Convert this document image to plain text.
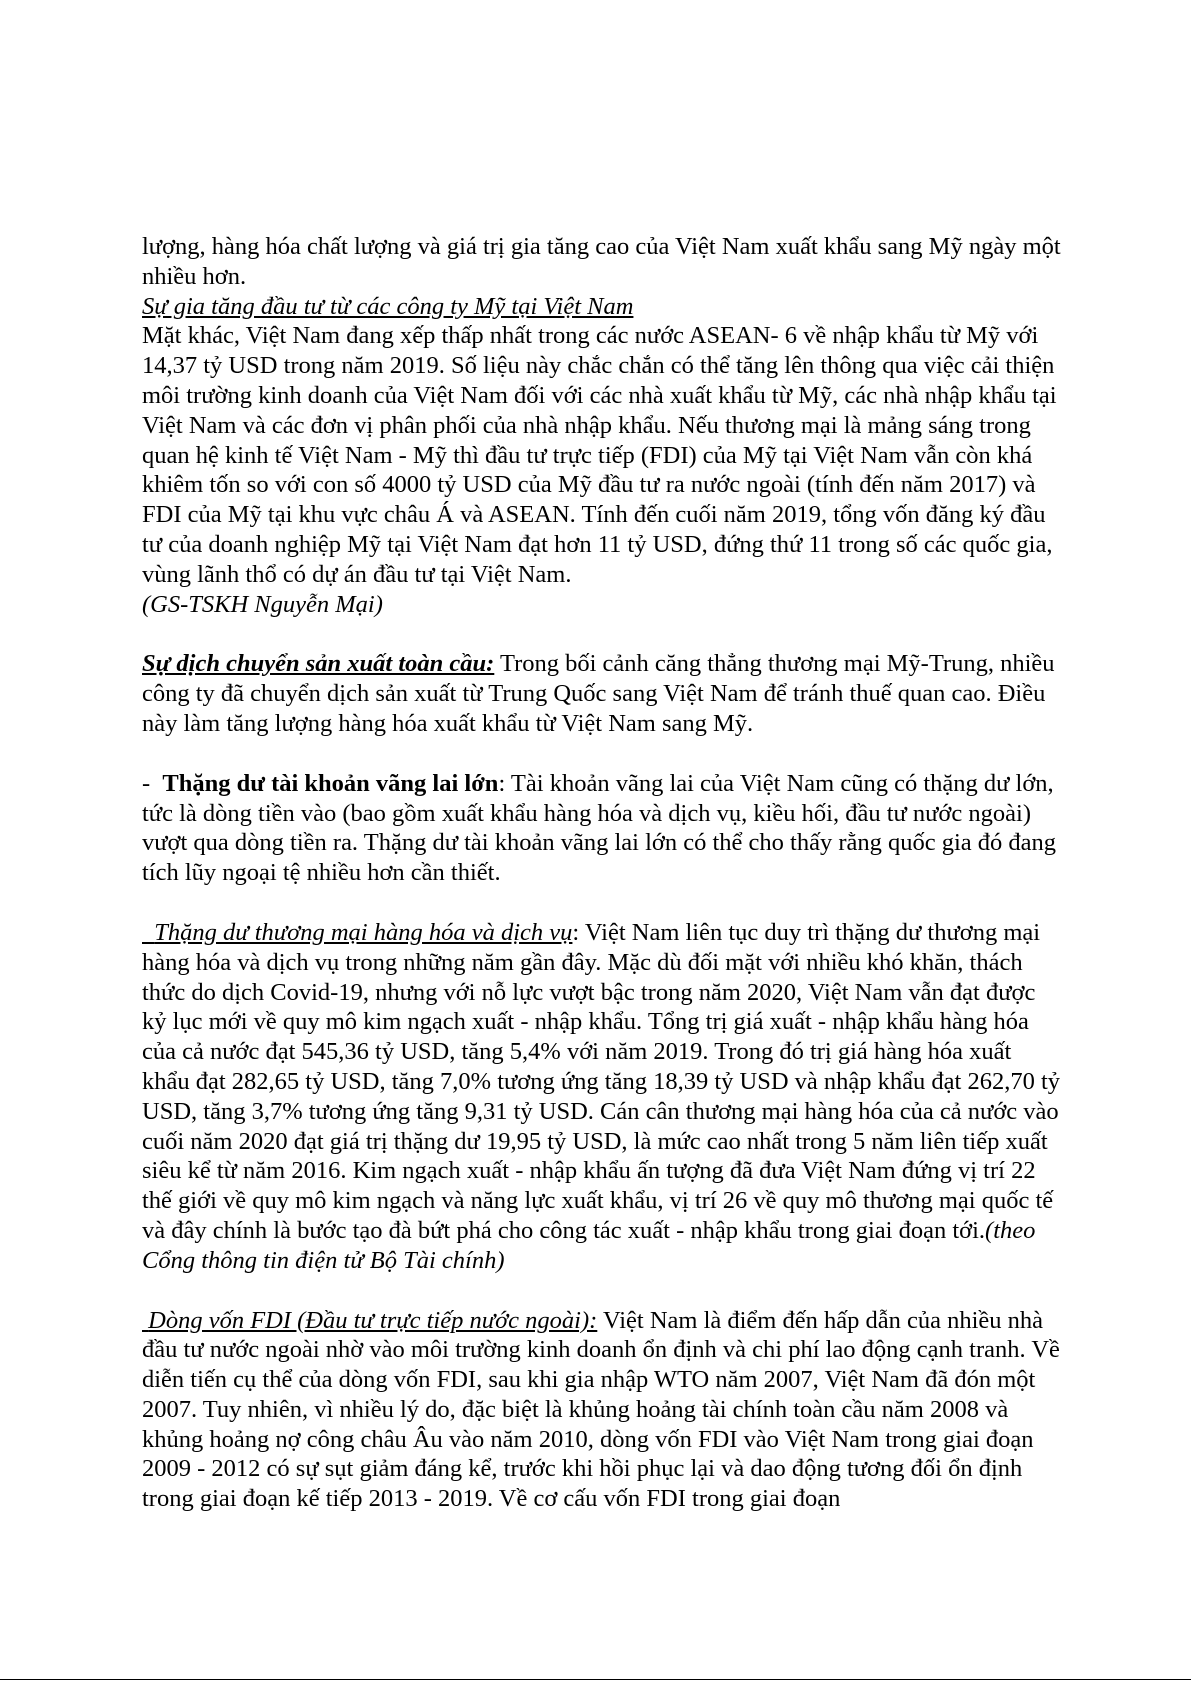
lượng, hàng hóa chất lượng và giá trị gia tăng cao của Việt Nam xuất khẩu sang Mỹ ngày một nhiều hơn.

Sự gia tăng đầu tư từ các công ty Mỹ tại Việt Nam

Mặt khác, Việt Nam đang xếp thấp nhất trong các nước ASEAN- 6 về nhập khẩu từ Mỹ với 14,37 tỷ USD trong năm 2019. Số liệu này chắc chắn có thể tăng lên thông qua việc cải thiện môi trường kinh doanh của Việt Nam đối với các nhà xuất khẩu từ Mỹ, các nhà nhập khẩu tại Việt Nam và các đơn vị phân phối của nhà nhập khẩu. Nếu thương mại là mảng sáng trong quan hệ kinh tế Việt Nam - Mỹ thì đầu tư trực tiếp (FDI) của Mỹ tại Việt Nam vẫn còn khá khiêm tốn so với con số 4000 tỷ USD của Mỹ đầu tư ra nước ngoài (tính đến năm 2017) và FDI của Mỹ tại khu vực châu Á và ASEAN. Tính đến cuối năm 2019, tổng vốn đăng ký đầu tư của doanh nghiệp Mỹ tại Việt Nam đạt hơn 11 tỷ USD, đứng thứ 11 trong số các quốc gia, vùng lãnh thổ có dự án đầu tư tại Việt Nam.
(GS-TSKH Nguyễn Mại)

Sự dịch chuyển sản xuất toàn cầu: Trong bối cảnh căng thẳng thương mại Mỹ-Trung, nhiều công ty đã chuyển dịch sản xuất từ Trung Quốc sang Việt Nam để tránh thuế quan cao. Điều này làm tăng lượng hàng hóa xuất khẩu từ Việt Nam sang Mỹ.

-  Thặng dư tài khoản vãng lai lớn: Tài khoản vãng lai của Việt Nam cũng có thặng dư lớn, tức là dòng tiền vào (bao gồm xuất khẩu hàng hóa và dịch vụ, kiều hối, đầu tư nước ngoài) vượt qua dòng tiền ra. Thặng dư tài khoản vãng lai lớn có thể cho thấy rằng quốc gia đó đang tích lũy ngoại tệ nhiều hơn cần thiết.

Thặng dư thương mại hàng hóa và dịch vụ: Việt Nam liên tục duy trì thặng dư thương mại hàng hóa và dịch vụ trong những năm gần đây. Mặc dù đối mặt với nhiều khó khăn, thách thức do dịch Covid-19, nhưng với nỗ lực vượt bậc trong năm 2020, Việt Nam vẫn đạt được kỷ lục mới về quy mô kim ngạch xuất - nhập khẩu. Tổng trị giá xuất - nhập khẩu hàng hóa của cả nước đạt 545,36 tỷ USD, tăng 5,4% với năm 2019. Trong đó trị giá hàng hóa xuất khẩu đạt 282,65 tỷ USD, tăng 7,0% tương ứng tăng 18,39 tỷ USD và nhập khẩu đạt 262,70 tỷ USD, tăng 3,7% tương ứng tăng 9,31 tỷ USD. Cán cân thương mại hàng hóa của cả nước vào cuối năm 2020 đạt giá trị thặng dư 19,95 tỷ USD, là mức cao nhất trong 5 năm liên tiếp xuất siêu kể từ năm 2016. Kim ngạch xuất - nhập khẩu ấn tượng đã đưa Việt Nam đứng vị trí 22 thế giới về quy mô kim ngạch và năng lực xuất khẩu, vị trí 26 về quy mô thương mại quốc tế và đây chính là bước tạo đà bứt phá cho công tác xuất - nhập khẩu trong giai đoạn tới.(theo Cổng thông tin điện tử Bộ Tài chính)

Dòng vốn FDI (Đầu tư trực tiếp nước ngoài): Việt Nam là điểm đến hấp dẫn của nhiều nhà đầu tư nước ngoài nhờ vào môi trường kinh doanh ổn định và chi phí lao động cạnh tranh. Về diễn tiến cụ thể của dòng vốn FDI, sau khi gia nhập WTO năm 2007, Việt Nam đã đón một 2007. Tuy nhiên, vì nhiều lý do, đặc biệt là khủng hoảng tài chính toàn cầu năm 2008 và khủng hoảng nợ công châu Âu vào năm 2010, dòng vốn FDI vào Việt Nam trong giai đoạn 2009 - 2012 có sự sụt giảm đáng kể, trước khi hồi phục lại và dao động tương đối ổn định trong giai đoạn kế tiếp 2013 - 2019. Về cơ cấu vốn FDI trong giai đoạn
